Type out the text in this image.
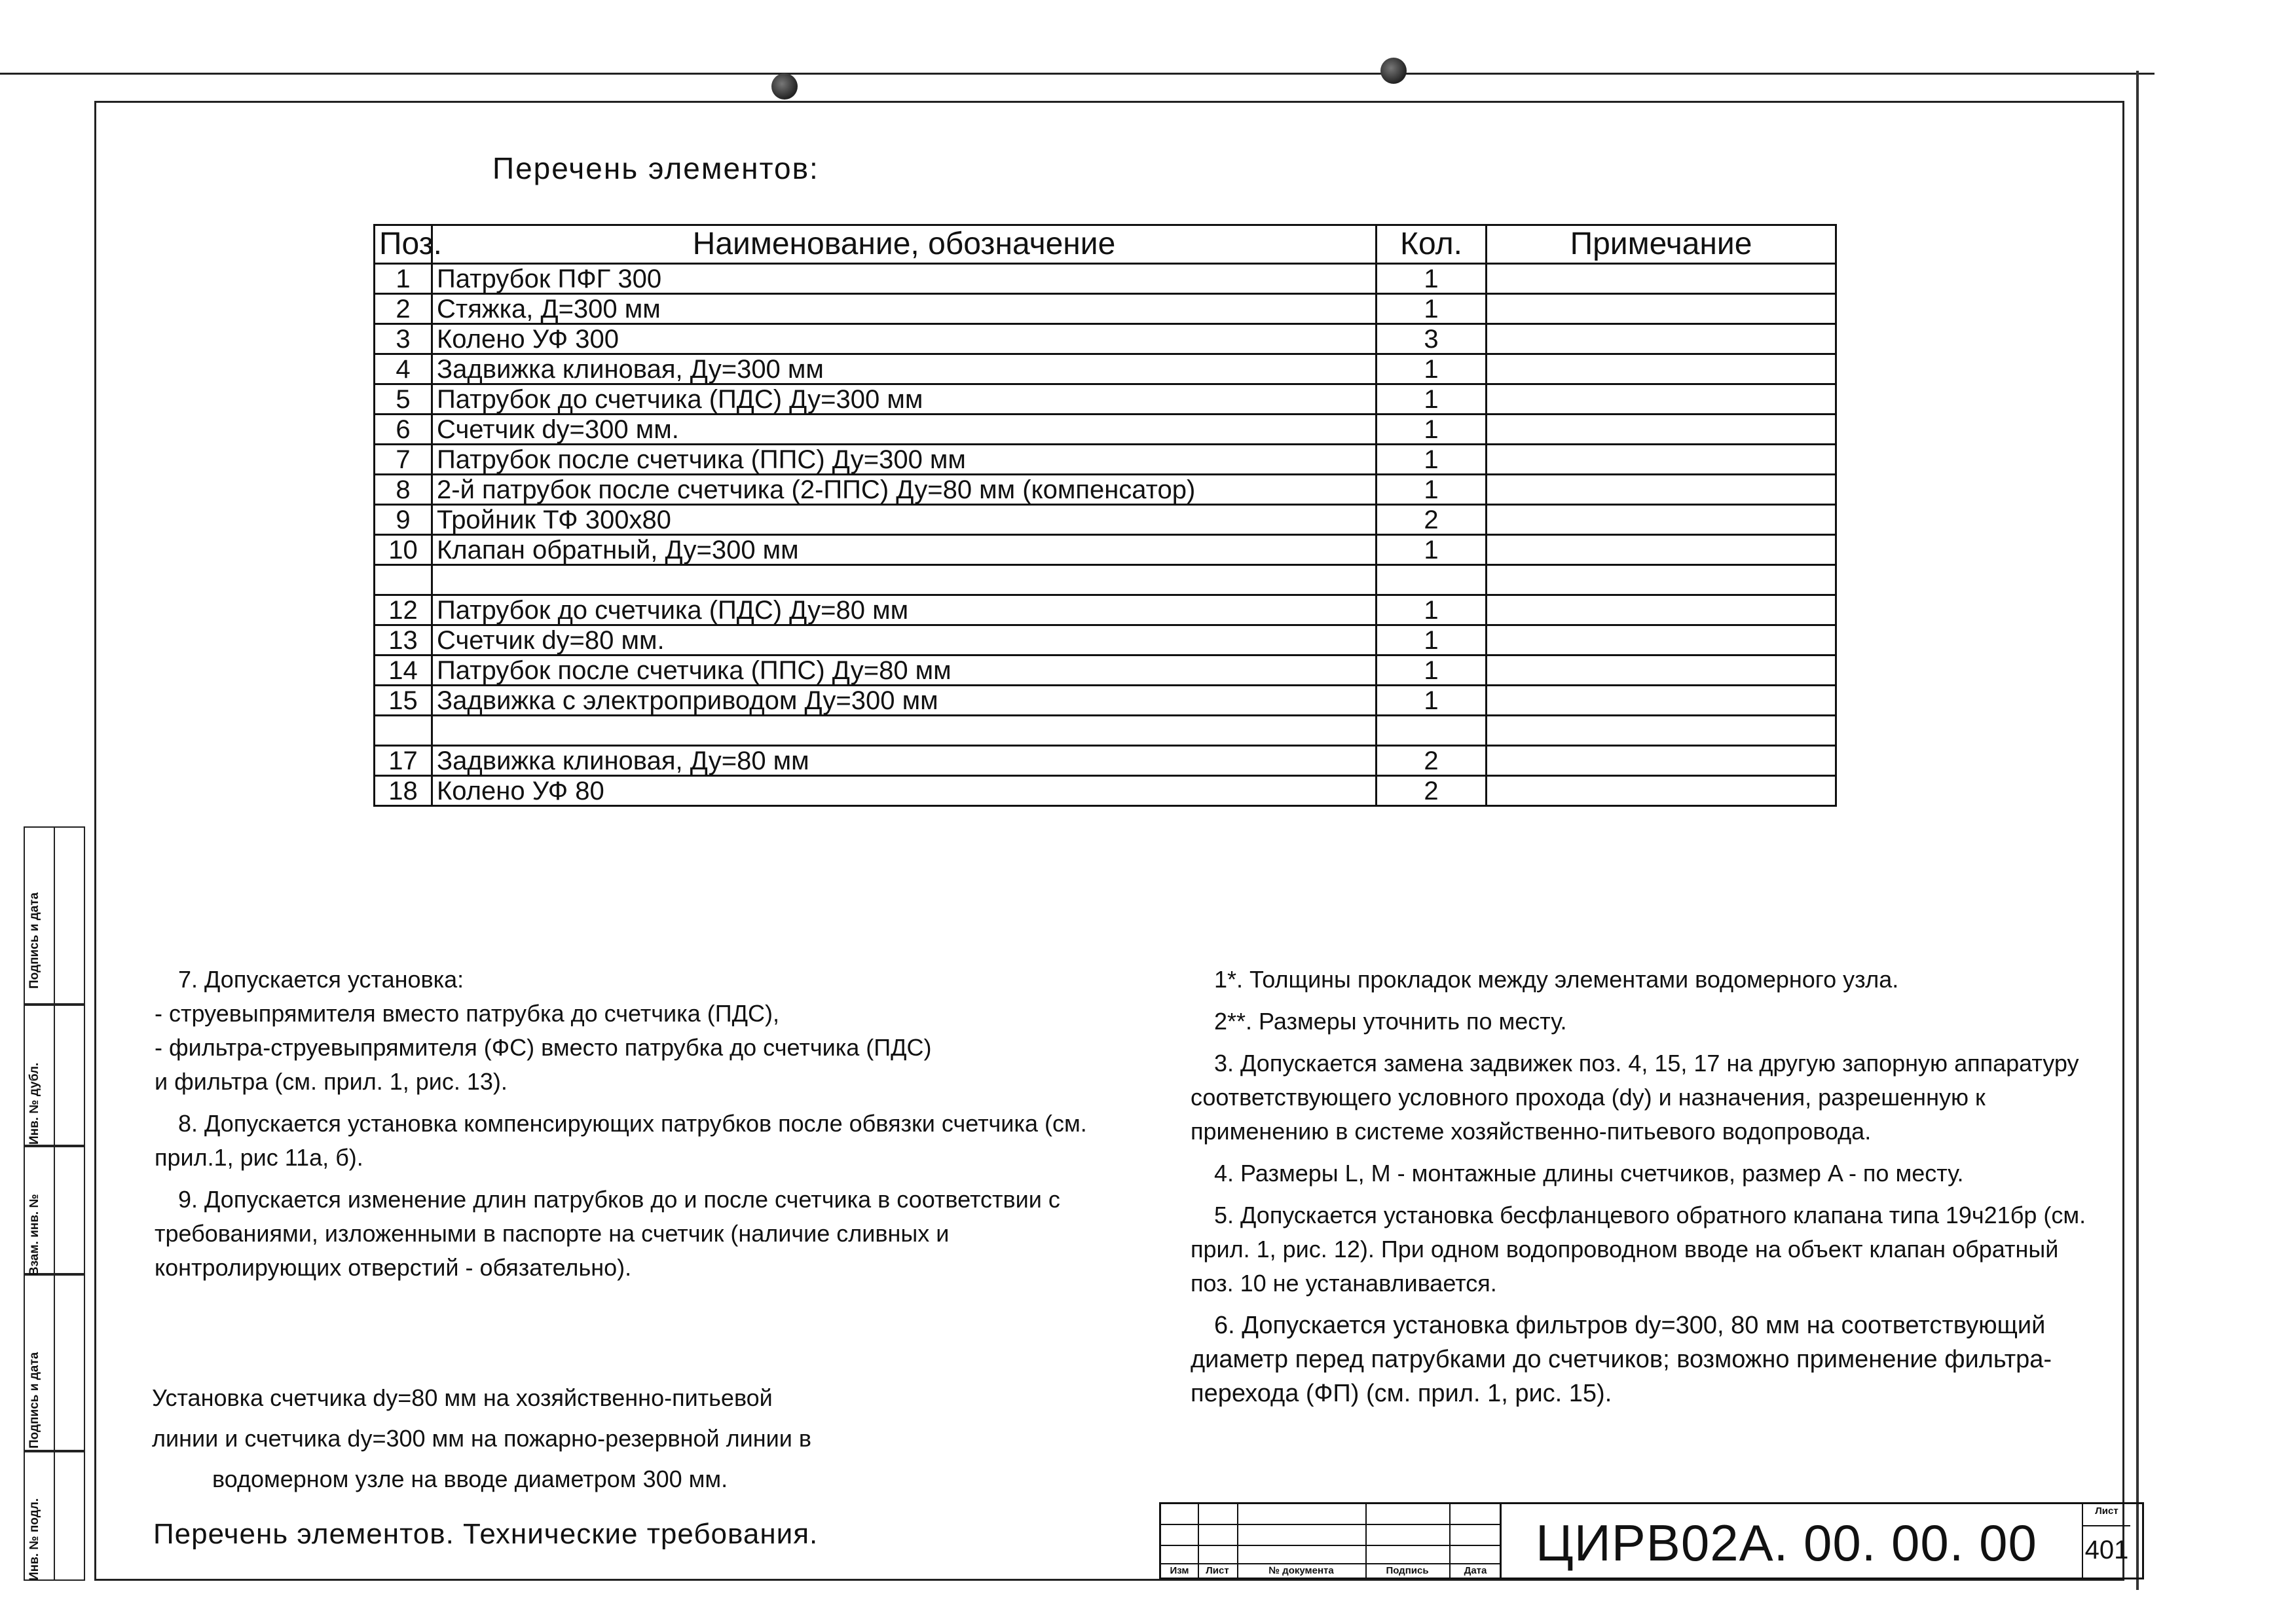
Перечень элементов:
Поз.	Наименование, обозначение	Кол.	Примечание
1	Патрубок ПФГ 300	1	
2	Стяжка, Д=300 мм	1	
3	Колено УФ 300	3	
4	Задвижка клиновая, Ду=300 мм	1	
5	Патрубок до счетчика (ПДС) Ду=300 мм	1	
6	Счетчик dy=300 мм.	1	
7	Патрубок после счетчика (ППС) Ду=300 мм	1	
8	2-й патрубок после счетчика (2-ППС) Ду=80 мм (компенсатор)	1	
9	Тройник ТФ 300х80	2	
10	Клапан обратный, Ду=300 мм	1	

12	Патрубок до счетчика (ПДС) Ду=80 мм	1	
13	Счетчик dy=80 мм.	1	
14	Патрубок после счетчика (ППС) Ду=80 мм	1	
15	Задвижка с электроприводом Ду=300 мм	1	

17	Задвижка клиновая, Ду=80 мм	2	
18	Колено УФ 80	2	
Подпись и дата
Инв. № дубл.
Взам. инв. №
Подпись и дата
Инв. № подл.

7. Допускается установка:

- струевыпрямителя вместо патрубка до счетчика (ПДС),

- фильтра-струевыпрямителя (ФС) вместо патрубка до счетчика (ПДС)

и фильтра (см. прил. 1, рис. 13).

8. Допускается установка компенсирующих патрубков после обвязки счетчика (см. прил.1, рис 11а, б).

9. Допускается изменение длин патрубков до и после счетчика в соответствии с требованиями, изложенными в паспорте на счетчик (наличие сливных и контролирующих отверстий - обязательно).

1*. Толщины прокладок между элементами водомерного узла.

2**. Размеры уточнить по месту.

3. Допускается замена задвижек поз. 4, 15, 17 на другую запорную аппаратуру соответствующего условного прохода (dy) и назначения, разрешенную к применению в системе хозяйственно-питьевого водопровода.

4. Размеры L, M - монтажные длины счетчиков, размер A - по месту.

5. Допускается установка бесфланцевого обратного клапана типа 19ч21бр (см. прил. 1, рис. 12). При одном водопроводном вводе на объект клапан обратный поз. 10 не устанавливается.

6. Допускается установка фильтров dy=300, 80 мм на соответствующий диаметр перед патрубками до счетчиков; возможно применение фильтра-перехода (ФП) (см. прил. 1, рис. 15).

Установка счетчика dy=80 мм на хозяйственно-питьевой
линии и счетчика dy=300 мм на пожарно-резервной линии в
водомерном узле на вводе диаметром 300 мм.
Перечень элементов. Технические требования.
Изм	Лист	№ документа	Подпись	Дата ЦИРВ02А. 00. 00. 00
Лист
401
